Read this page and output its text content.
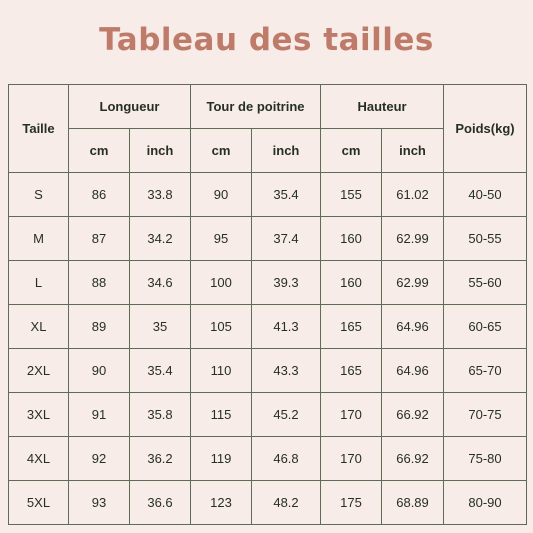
Tableau des tailles
Taille	Longueur		Tour de poitrine		Hauteur		Poids(kg)
	cm	inch	cm	inch	cm	inch	
S	86	33.8	90	35.4	155	61.02	40-50
M	87	34.2	95	37.4	160	62.99	50-55
L	88	34.6	100	39.3	160	62.99	55-60
XL	89	35	105	41.3	165	64.96	60-65
2XL	90	35.4	110	43.3	165	64.96	65-70
3XL	91	35.8	115	45.2	170	66.92	70-75
4XL	92	36.2	119	46.8	170	66.92	75-80
5XL	93	36.6	123	48.2	175	68.89	80-90
